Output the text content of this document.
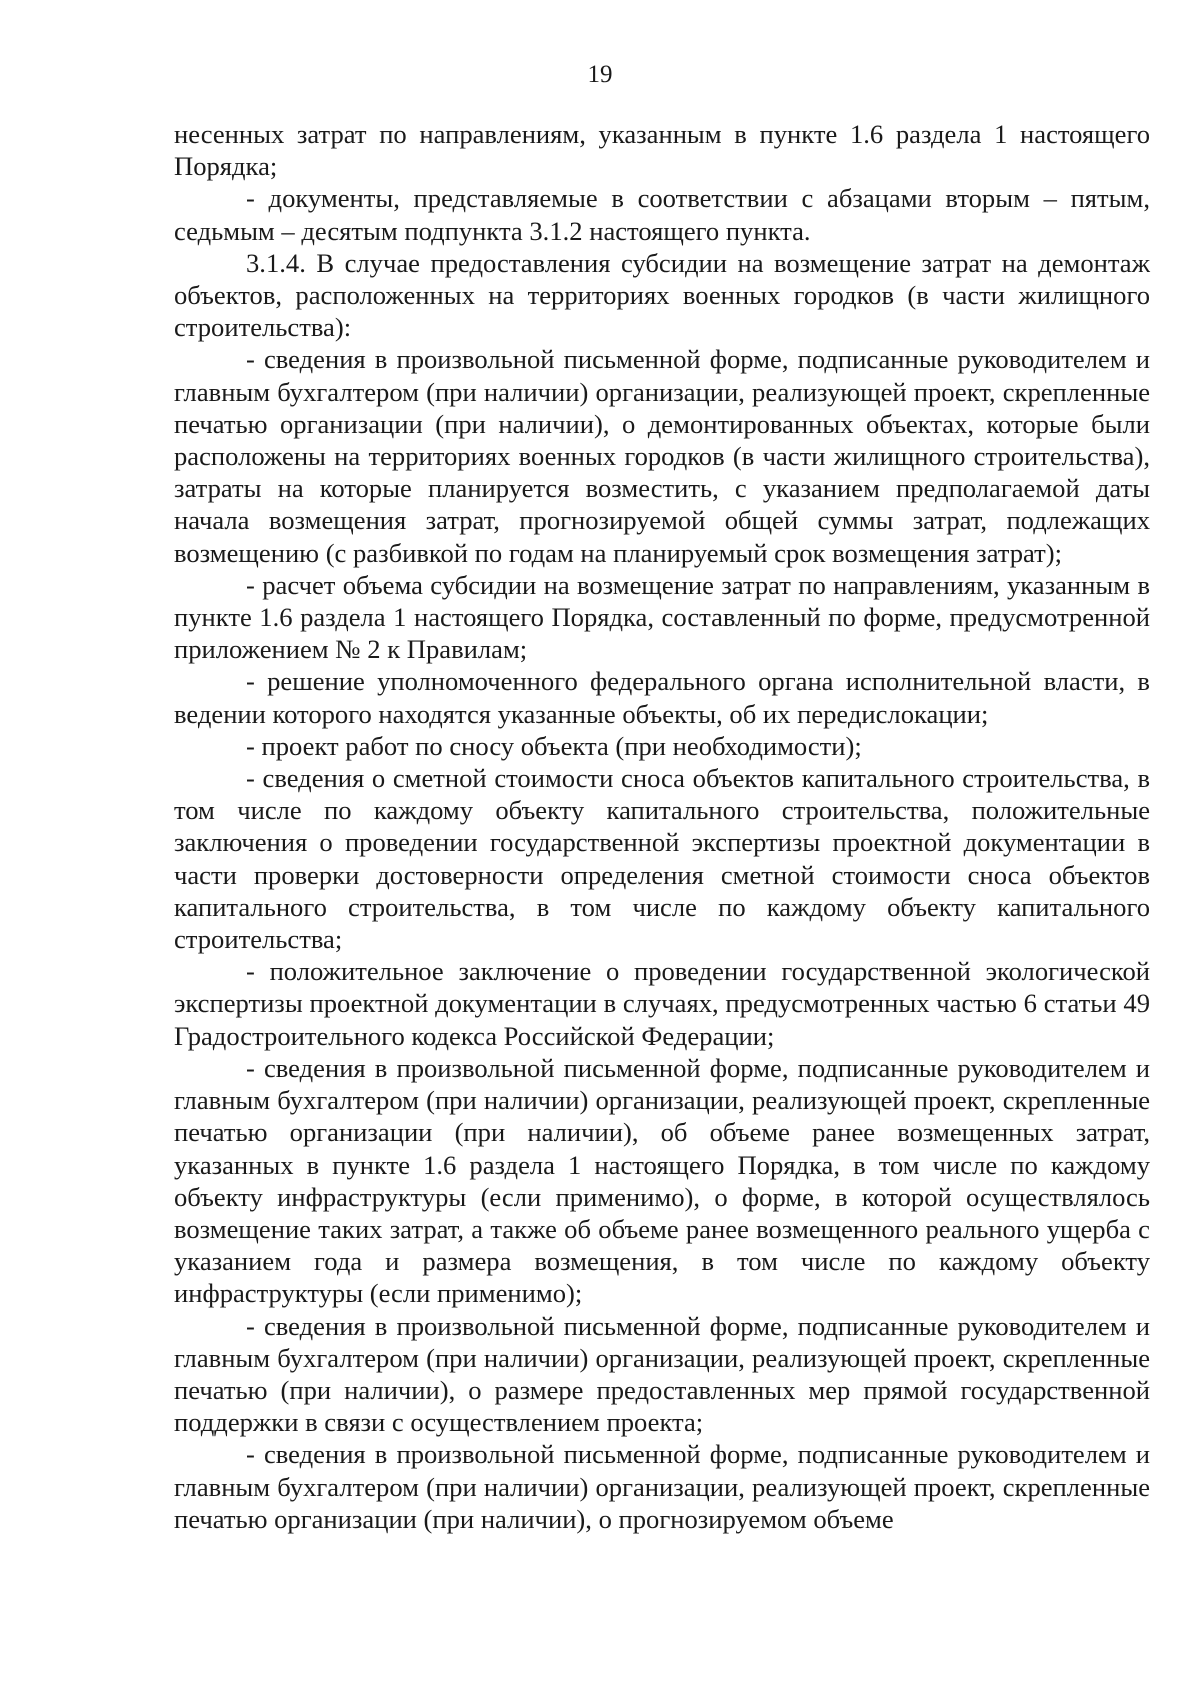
19

несенных затрат по направлениям, указанным в пункте 1.6 раздела 1 настоящего Порядка;

- документы, представляемые в соответствии с абзацами вторым – пятым, седьмым – десятым подпункта 3.1.2 настоящего пункта.

3.1.4. В случае предоставления субсидии на возмещение затрат на демонтаж объектов, расположенных на территориях военных городков (в части жилищного строительства):

- сведения в произвольной письменной форме, подписанные руководителем и главным бухгалтером (при наличии) организации, реализующей проект, скрепленные печатью организации (при наличии), о демонтированных объектах, которые были расположены на территориях военных городков (в части жилищного строительства), затраты на которые планируется возместить, с указанием предполагаемой даты начала возмещения затрат, прогнозируемой общей суммы затрат, подлежащих возмещению (с разбивкой по годам на планируемый срок возмещения затрат);

- расчет объема субсидии на возмещение затрат по направлениям, указанным в пункте 1.6 раздела 1 настоящего Порядка, составленный по форме, предусмотренной приложением № 2 к Правилам;

- решение уполномоченного федерального органа исполнительной власти, в ведении которого находятся указанные объекты, об их передислокации;

- проект работ по сносу объекта (при необходимости);

- сведения о сметной стоимости сноса объектов капитального строительства, в том числе по каждому объекту капитального строительства, положительные заключения о проведении государственной экспертизы проектной документации в части проверки достоверности определения сметной стоимости сноса объектов капитального строительства, в том числе по каждому объекту капитального строительства;

- положительное заключение о проведении государственной экологической экспертизы проектной документации в случаях, предусмотренных частью 6 статьи 49 Градостроительного кодекса Российской Федерации;

- сведения в произвольной письменной форме, подписанные руководителем и главным бухгалтером (при наличии) организации, реализующей проект, скрепленные печатью организации (при наличии), об объеме ранее возмещенных затрат, указанных в пункте 1.6 раздела 1 настоящего Порядка, в том числе по каждому объекту инфраструктуры (если применимо), о форме, в которой осуществлялось возмещение таких затрат, а также об объеме ранее возмещенного реального ущерба с указанием года и размера возмещения, в том числе по каждому объекту инфраструктуры (если применимо);

- сведения в произвольной письменной форме, подписанные руководителем и главным бухгалтером (при наличии) организации, реализующей проект, скрепленные печатью (при наличии), о размере предоставленных мер прямой государственной поддержки в связи с осуществлением проекта;

- сведения в произвольной письменной форме, подписанные руководителем и главным бухгалтером (при наличии) организации, реализующей проект, скрепленные печатью организации (при наличии), о прогнозируемом объеме
